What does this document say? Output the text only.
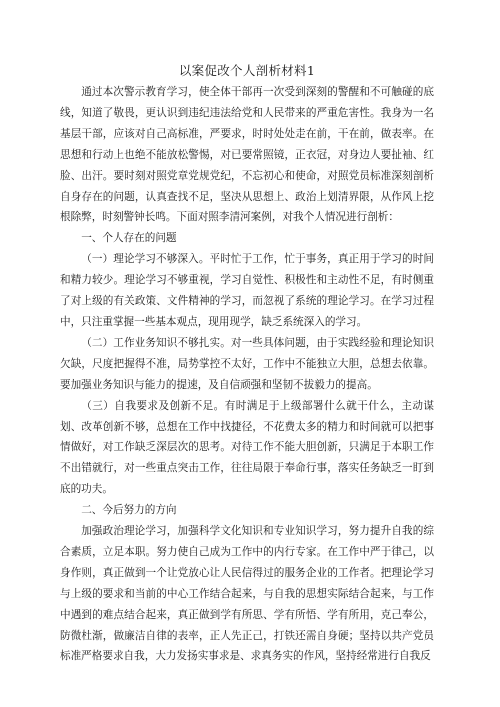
以案促改个人剖析材料1

通过本次警示教育学习，使全体干部再一次受到深刻的警醒和不可触碰的底线，知道了敬畏，更认识到违纪违法给党和人民带来的严重危害性。我身为一名基层干部，应该对自己高标准，严要求，时时处处走在前，干在前，做表率。在思想和行动上也绝不能放松警惕，对已要常照镜，正衣冠，对身边人要扯袖、红脸、出汗。要时刻对照党章党规党纪，不忘初心和使命，对照党员标准深刻剖析自身存在的问题，认真查找不足，坚决从思想上、政治上划清界限，从作风上挖根除弊，时刻警钟长鸣。下面对照李清河案例，对我个人情况进行剖析：

一、个人存在的问题

（一）理论学习不够深入。平时忙于工作，忙于事务，真正用于学习的时间和精力较少。理论学习不够重视，学习自觉性、积极性和主动性不足，有时侧重了对上级的有关政策、文件精神的学习，而忽视了系统的理论学习。在学习过程中，只注重掌握一些基本观点，现用现学，缺乏系统深入的学习。

（二）工作业务知识不够扎实。对一些具体问题，由于实践经验和理论知识欠缺，尺度把握得不准，局势掌控不太好，工作中不能独立大胆，总想去依靠。要加强业务知识与能力的提速，及自信顽强和坚韧不拔毅力的提高。

（三）自我要求及创新不足。有时满足于上级部署什么就干什么，主动谋划、改革创新不够，总想在工作中找捷径，不花费太多的精力和时间就可以把事情做好，对工作缺乏深层次的思考。对待工作不能大胆创新，只满足于本职工作不出错就行，对一些重点突击工作，往往局限于奉命行事，落实任务缺乏一盯到底的功夫。

二、今后努力的方向

加强政治理论学习，加强科学文化知识和专业知识学习，努力提升自我的综合素质，立足本职。努力使自己成为工作中的内行专家。在工作中严于律己，以身作则，真正做到一个让党放心让人民信得过的服务企业的工作者。把理论学习与上级的要求和当前的中心工作结合起来，与自我的思想实际结合起来，与工作中遇到的难点结合起来，真正做到学有所思、学有所悟、学有所用，克己奉公，防微杜渐，做廉洁自律的表率，正人先正己，打铁还需自身硬；坚持以共产党员标准严格要求自我，大力发扬实事求是、求真务实的作风，坚持经常进行自我反
